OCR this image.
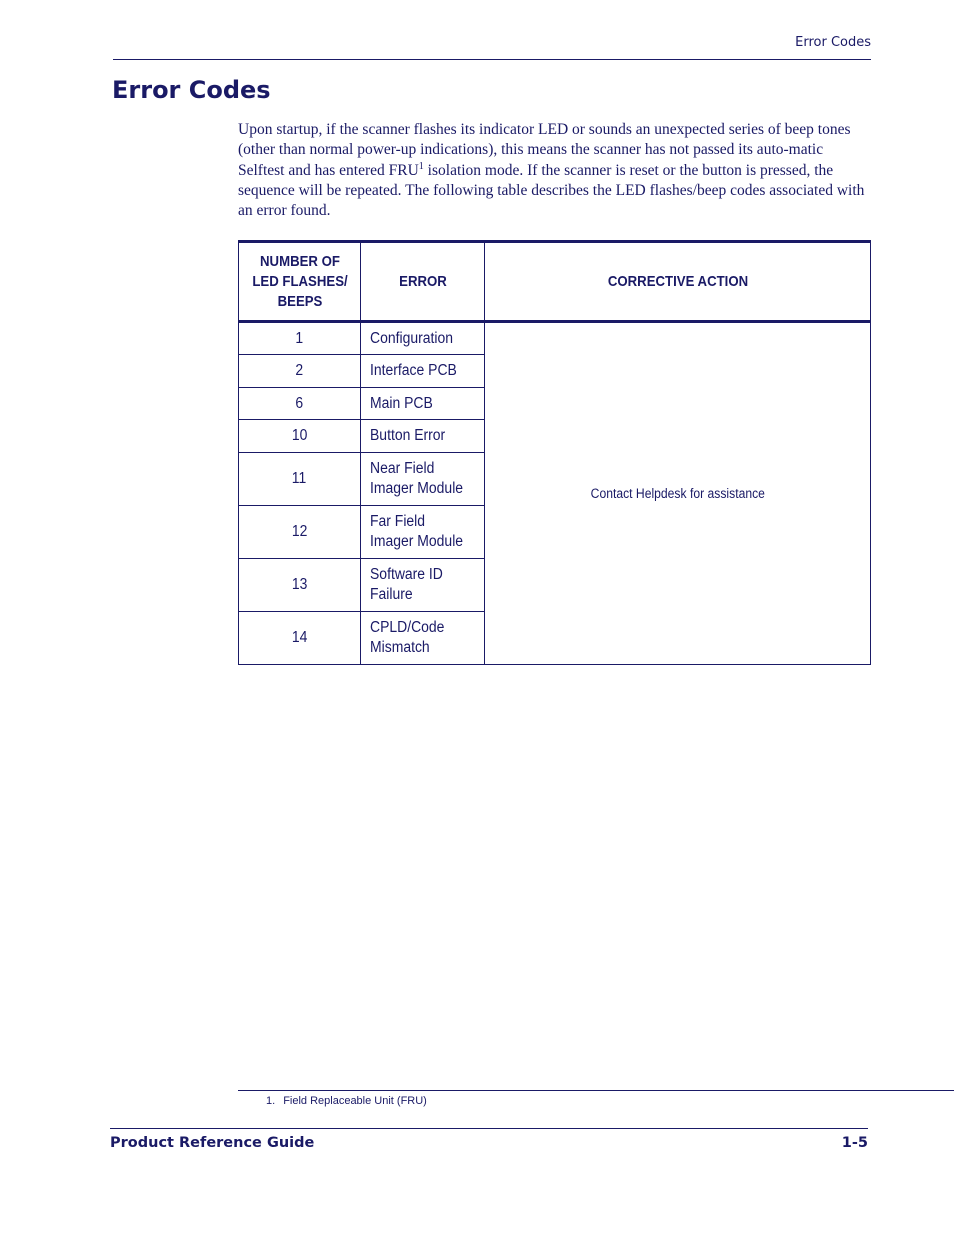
Error Codes
Error Codes

Upon startup, if the scanner flashes its indicator LED or sounds an unexpected series of beep tones (other than normal power-up indications), this means the scanner has not passed its auto-matic Selftest and has entered FRU$^1$ isolation mode. If the scanner is reset or the button is pressed, the sequence will be repeated. The following table describes the LED flashes/beep codes associated with an error found.

NUMBER OF
LED FLASHES/
BEEPS	ERROR	CORRECTIVE ACTION
1	Configuration	Contact Helpdesk for assistance
2	Interface PCB	
6	Main PCB	
10	Button Error	
11	Near Field
Imager Module	
12	Far Field
Imager Module	
13	Software ID
Failure	
14	CPLD/Code
Mismatch	
1. Field Replaceable Unit (FRU)
Product Reference Guide	1-5
